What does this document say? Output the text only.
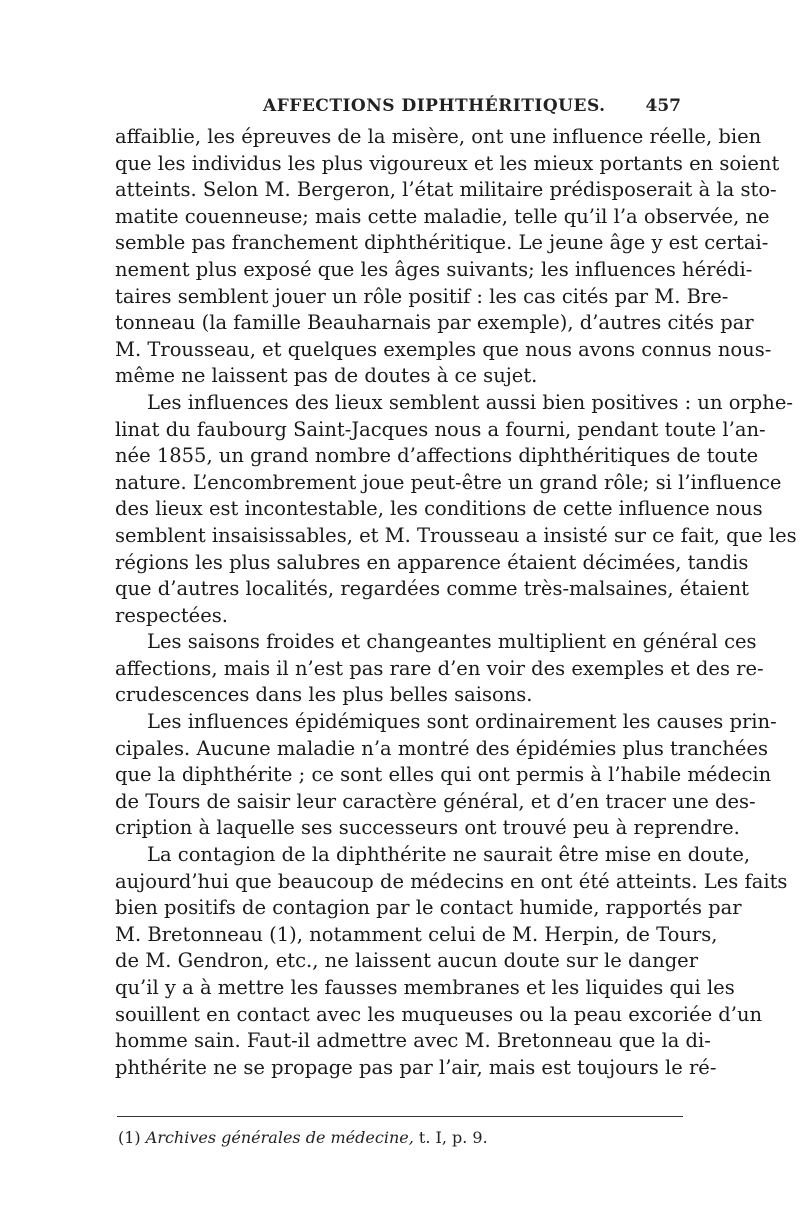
AFFECTIONS DIPHTHÉRITIQUES. 457
affaiblie, les épreuves de la misère, ont une influence réelle, bien
que les individus les plus vigoureux et les mieux portants en soient
atteints. Selon M. Bergeron, l’état militaire prédisposerait à la sto-
matite couenneuse; mais cette maladie, telle qu’il l’a observée, ne
semble pas franchement diphthéritique. Le jeune âge y est certai-
nement plus exposé que les âges suivants; les influences hérédi-
taires semblent jouer un rôle positif : les cas cités par M. Bre-
tonneau (la famille Beauharnais par exemple), d’autres cités par
M. Trousseau, et quelques exemples que nous avons connus nous-
même ne laissent pas de doutes à ce sujet.
Les influences des lieux semblent aussi bien positives : un orphe-
linat du faubourg Saint-Jacques nous a fourni, pendant toute l’an-
née 1855, un grand nombre d’affections diphthéritiques de toute
nature. L’encombrement joue peut-être un grand rôle; si l’influence
des lieux est incontestable, les conditions de cette influence nous
semblent insaisissables, et M. Trousseau a insisté sur ce fait, que les
régions les plus salubres en apparence étaient décimées, tandis
que d’autres localités, regardées comme très-malsaines, étaient
respectées.
Les saisons froides et changeantes multiplient en général ces
affections, mais il n’est pas rare d’en voir des exemples et des re-
crudescences dans les plus belles saisons.
Les influences épidémiques sont ordinairement les causes prin-
cipales. Aucune maladie n’a montré des épidémies plus tranchées
que la diphthérite ; ce sont elles qui ont permis à l’habile médecin
de Tours de saisir leur caractère général, et d’en tracer une des-
cription à laquelle ses successeurs ont trouvé peu à reprendre.
La contagion de la diphthérite ne saurait être mise en doute,
aujourd’hui que beaucoup de médecins en ont été atteints. Les faits
bien positifs de contagion par le contact humide, rapportés par
M. Bretonneau (1), notamment celui de M. Herpin, de Tours,
de M. Gendron, etc., ne laissent aucun doute sur le danger
qu’il y a à mettre les fausses membranes et les liquides qui les
souillent en contact avec les muqueuses ou la peau excoriée d’un
homme sain. Faut-il admettre avec M. Bretonneau que la di-
phthérite ne se propage pas par l’air, mais est toujours le ré-
(1) Archives générales de médecine, t. I, p. 9.
